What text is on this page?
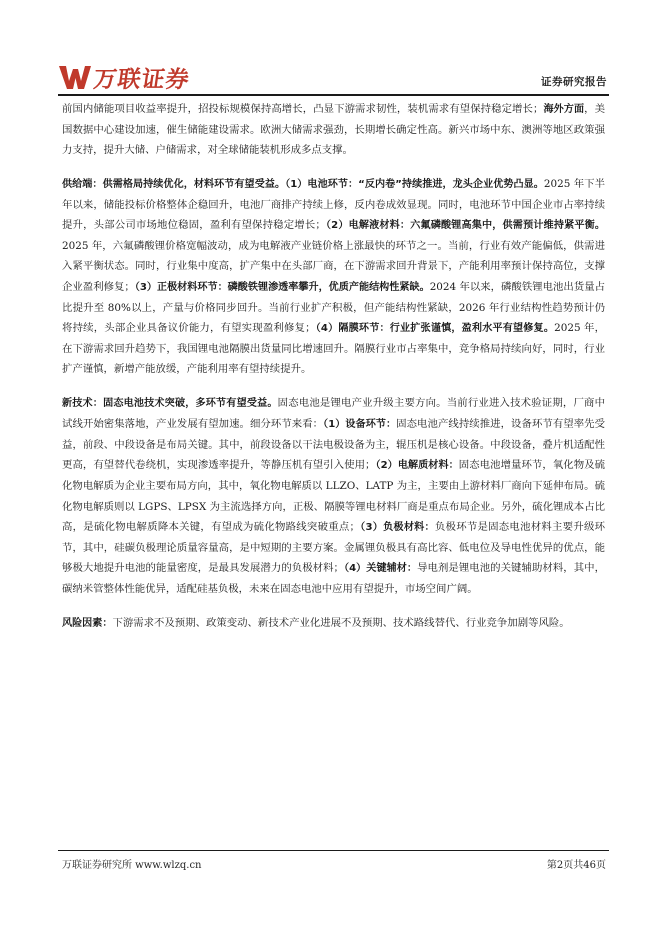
万联证券	证券研究报告

前国内储能项目收益率提升，招投标规模保持高增长，凸显下游需求韧性，装机需求有望保持稳定增长；海外方面，美国数据中心建设加速，催生储能建设需求。欧洲大储需求强劲，长期增长确定性高。新兴市场中东、澳洲等地区政策强力支持，提升大储、户储需求，对全球储能装机形成多点支撑。

供给端：供需格局持续优化，材料环节有望受益。（1）电池环节：“反内卷”持续推进，龙头企业优势凸显。2025 年下半年以来，储能投标价格整体企稳回升，电池厂商排产持续上修，反内卷成效显现。同时，电池环节中国企业市占率持续提升，头部公司市场地位稳固，盈利有望保持稳定增长；（2）电解液材料：六氟磷酸锂高集中，供需预计维持紧平衡。2025 年，六氟磷酸锂价格宽幅波动，成为电解液产业链价格上涨最快的环节之一。当前，行业有效产能偏低，供需进入紧平衡状态。同时，行业集中度高，扩产集中在头部厂商，在下游需求回升背景下，产能利用率预计保持高位，支撑企业盈利修复；（3）正极材料环节：磷酸铁锂渗透率攀升，优质产能结构性紧缺。2024 年以来，磷酸铁锂电池出货量占比提升至 80%以上，产量与价格同步回升。当前行业扩产积极，但产能结构性紧缺，2026 年行业结构性趋势预计仍将持续，头部企业具备议价能力，有望实现盈利修复；（4）隔膜环节：行业扩张谨慎，盈利水平有望修复。2025 年，在下游需求回升趋势下，我国锂电池隔膜出货量同比增速回升。隔膜行业市占率集中，竞争格局持续向好，同时，行业扩产谨慎，新增产能放缓，产能利用率有望持续提升。

新技术：固态电池技术突破，多环节有望受益。固态电池是锂电产业升级主要方向。当前行业进入技术验证期，厂商中试线开始密集落地，产业发展有望加速。细分环节来看：（1）设备环节：固态电池产线持续推进，设备环节有望率先受益，前段、中段设备是布局关键。其中，前段设备以干法电极设备为主，辊压机是核心设备。中段设备，叠片机适配性更高，有望替代卷绕机，实现渗透率提升，等静压机有望引入使用；（2）电解质材料：固态电池增量环节，氧化物及硫化物电解质为企业主要布局方向，其中，氧化物电解质以 LLZO、LATP 为主，主要由上游材料厂商向下延伸布局。硫化物电解质则以 LGPS、LPSX 为主流选择方向，正极、隔膜等锂电材料厂商是重点布局企业。另外，硫化锂成本占比高，是硫化物电解质降本关键，有望成为硫化物路线突破重点；（3）负极材料：负极环节是固态电池材料主要升级环节，其中，硅碳负极理论质量容量高，是中短期的主要方案。金属锂负极具有高比容、低电位及导电性优异的优点，能够极大地提升电池的能量密度，是最具发展潜力的负极材料；（4）关键辅材：导电剂是锂电池的关键辅助材料，其中，碳纳米管整体性能优异，适配硅基负极，未来在固态电池中应用有望提升，市场空间广阔。

风险因素：下游需求不及预期、政策变动、新技术产业化进展不及预期、技术路线替代、行业竞争加剧等风险。

万联证券研究所 www.wlzq.cn	第2页共46页
